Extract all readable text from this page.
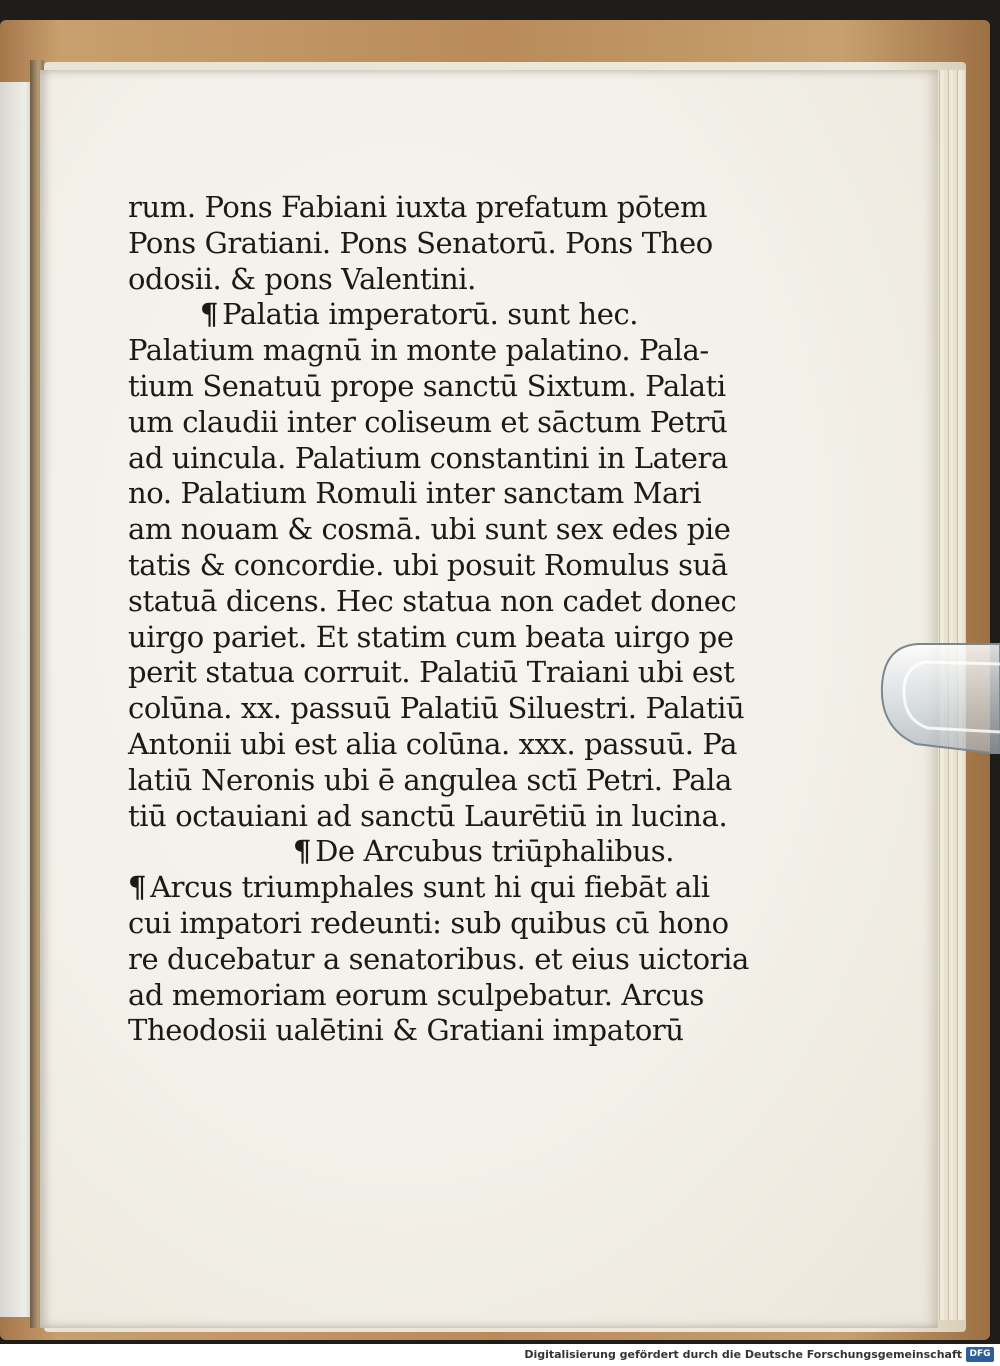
rum. Pons Fabiani iuxta prefatum pōtem
Pons Gratiani. Pons Senatorū. Pons Theo
odosii. & pons Valentini.
¶ Palatia imperatorū. sunt hec.
Palatium magnū in monte palatino. Pala-
tium Senatuū prope sanctū Sixtum. Palati
um claudii inter coliseum et sāctum Petrū
ad uincula. Palatium constantini in Latera
no. Palatium Romuli inter sanctam Mari
am nouam & cosmā. ubi sunt sex edes pie
tatis & concordie. ubi posuit Romulus suā
statuā dicens. Hec statua non cadet donec
uirgo pariet. Et statim cum beata uirgo pe
perit statua corruit. Palatiū Traiani ubi est
colūna. xx. passuū Palatiū Siluestri. Palatiū
Antonii ubi est alia colūna. xxx. passuū. Pa
latiū Neronis ubi ē angulea sctī Petri. Pala
tiū octauiani ad sanctū Laurētiū in lucina.
¶ De Arcubus triūphalibus.
¶ Arcus triumphales sunt hi qui fiebāt ali
cui impatori redeunti: sub quibus cū hono
re ducebatur a senatoribus. et eius uictoria
ad memoriam eorum sculpebatur. Arcus
Theodosii ualētini & Gratiani impatorū
Digitalisierung gefördert durch die Deutsche Forschungsgemeinschaft DFG
